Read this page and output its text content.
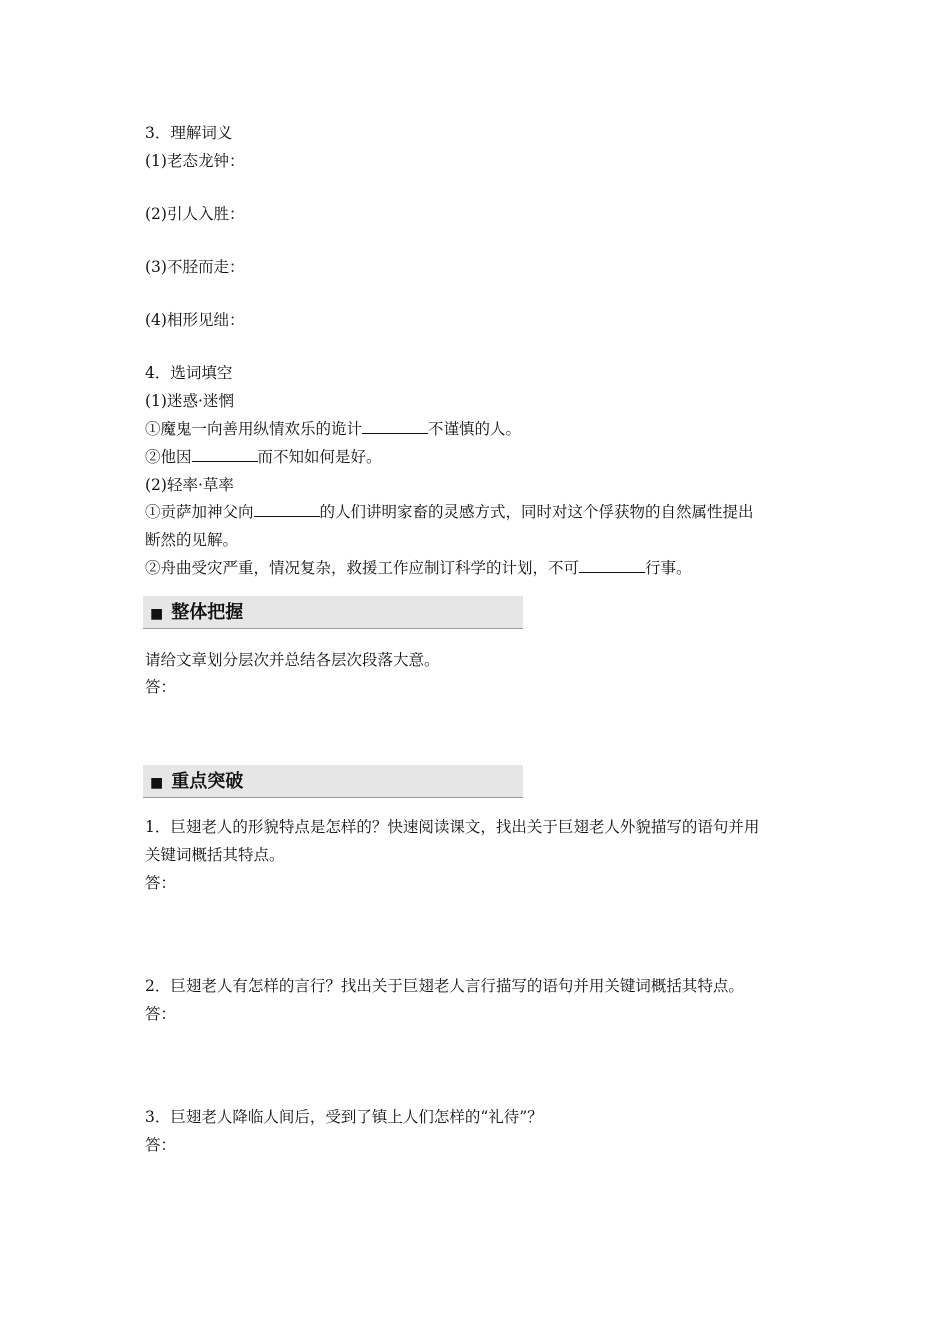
3．理解词义
(1)老态龙钟：
(2)引人入胜：
(3)不胫而走：
(4)相形见绌：
4．选词填空
(1)迷惑·迷惘
①魔鬼一向善用纵情欢乐的诡计	不谨慎的人。
②他因	而不知如何是好。
(2)轻率·草率
①贡萨加神父向	的人们讲明家畜的灵感方式，同时对这个俘获物的自然属性提出
断然的见解。
②舟曲受灾严重，情况复杂，救援工作应制订科学的计划，不可	行事。
■ 整体把握
请给文章划分层次并总结各层次段落大意。
答：
■ 重点突破
1．巨翅老人的形貌特点是怎样的？快速阅读课文，找出关于巨翅老人外貌描写的语句并用
关键词概括其特点。
答：
2．巨翅老人有怎样的言行？找出关于巨翅老人言行描写的语句并用关键词概括其特点。
答：
3．巨翅老人降临人间后，受到了镇上人们怎样的“礼待”？
答：
